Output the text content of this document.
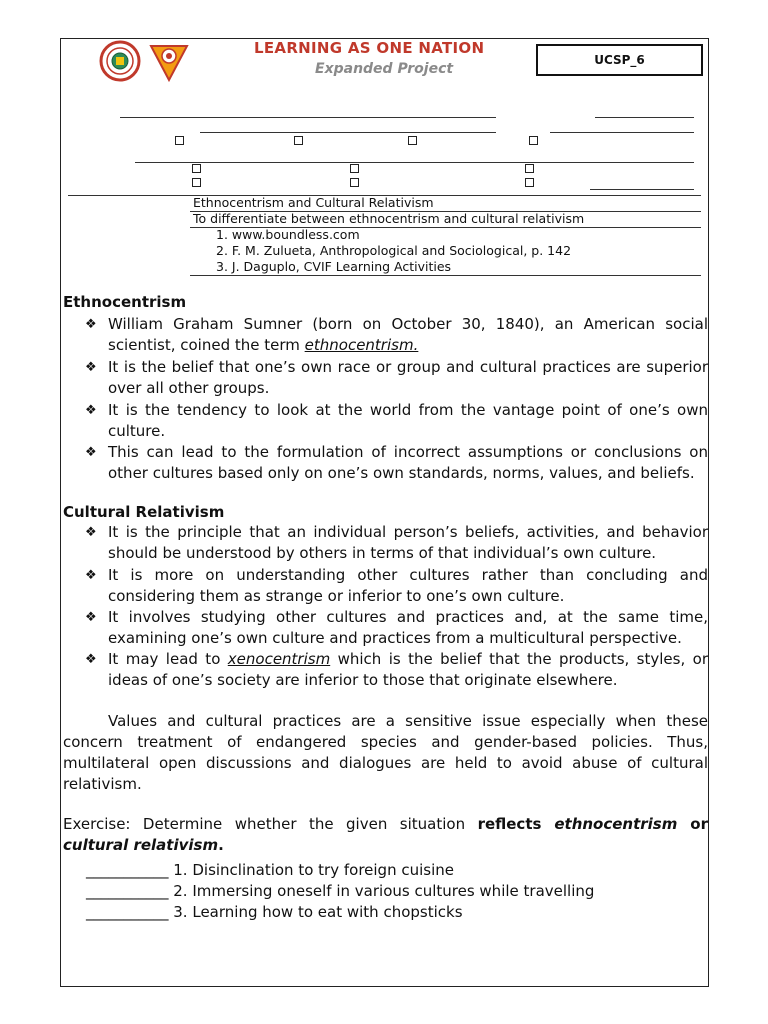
LEARNING AS ONE NATION
Expanded Project
UCSP_6
Ethnocentrism and Cultural Relativism
To differentiate between ethnocentrism and cultural relativism
1. www.boundless.com
2. F. M. Zulueta, Anthropological and Sociological, p. 142
3. J. Daguplo, CVIF Learning Activities
Ethnocentrism
❖ William Graham Sumner (born on October 30, 1840), an American social scientist, coined the term ethnocentrism.
❖ It is the belief that one’s own race or group and cultural practices are superior over all other groups.
❖ It is the tendency to look at the world from the vantage point of one’s own culture.
❖ This can lead to the formulation of incorrect assumptions or conclusions on other cultures based only on one’s own standards, norms, values, and beliefs.
Cultural Relativism
❖ It is the principle that an individual person’s beliefs, activities, and behavior should be understood by others in terms of that individual’s own culture.
❖ It is more on understanding other cultures rather than concluding and considering them as strange or inferior to one’s own culture.
❖ It involves studying other cultures and practices and, at the same time, examining one’s own culture and practices from a multicultural perspective.
❖ It may lead to xenocentrism which is the belief that the products, styles, or ideas of one’s society are inferior to those that originate elsewhere.
Values and cultural practices are a sensitive issue especially when these concern treatment of endangered species and gender-based policies. Thus, multilateral open discussions and dialogues are held to avoid abuse of cultural relativism.
Exercise: Determine whether the given situation reflects ethnocentrism or cultural relativism.
___________ 1. Disinclination to try foreign cuisine
___________ 2. Immersing oneself in various cultures while travelling
___________ 3. Learning how to eat with chopsticks
